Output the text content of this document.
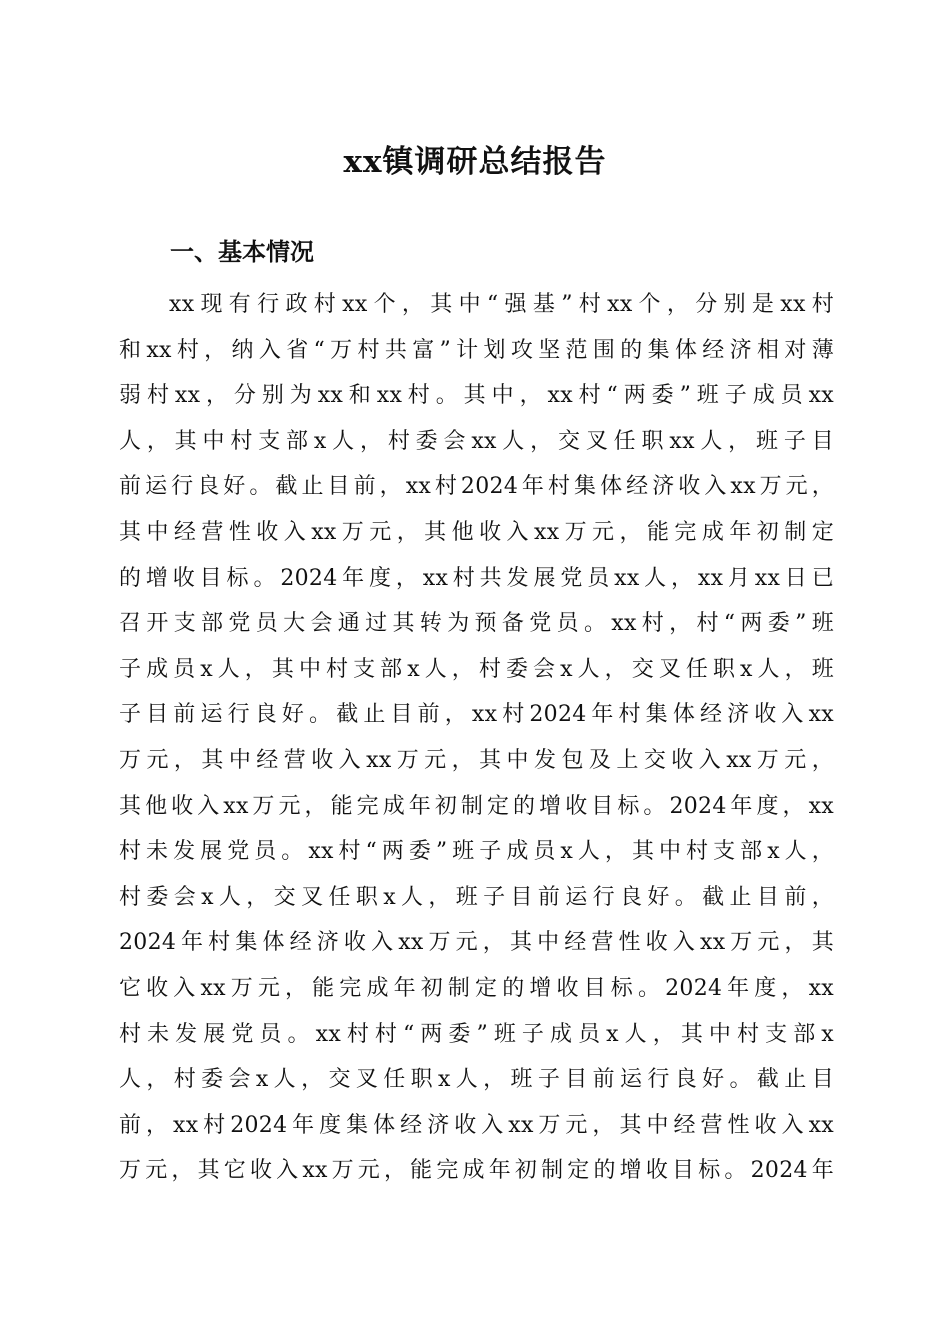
xx镇调研总结报告
一、基本情况
xx现有行政村xx个，其中“强基”村xx个，分别是xx村
和xx村，纳入省“万村共富”计划攻坚范围的集体经济相对薄
弱村xx，分别为xx和xx村。其中，xx村“两委”班子成员xx
人，其中村支部x人，村委会xx人，交叉任职xx人，班子目
前运行良好。截止目前，xx村2024年村集体经济收入xx万元，
其中经营性收入xx万元，其他收入xx万元，能完成年初制定
的增收目标。2024年度，xx村共发展党员xx人，xx月xx日已
召开支部党员大会通过其转为预备党员。xx村，村“两委”班
子成员x人，其中村支部x人，村委会x人，交叉任职x人，班
子目前运行良好。截止目前，xx村2024年村集体经济收入xx
万元，其中经营收入xx万元，其中发包及上交收入xx万元，
其他收入xx万元，能完成年初制定的增收目标。2024年度，xx
村未发展党员。xx村“两委”班子成员x人，其中村支部x人，
村委会x人，交叉任职x人，班子目前运行良好。截止目前，
2024年村集体经济收入xx万元，其中经营性收入xx万元，其
它收入xx万元，能完成年初制定的增收目标。2024年度，xx
村未发展党员。xx村村“两委”班子成员x人，其中村支部x
人，村委会x人，交叉任职x人，班子目前运行良好。截止目
前，xx村2024年度集体经济收入xx万元，其中经营性收入xx
万元，其它收入xx万元，能完成年初制定的增收目标。2024年
